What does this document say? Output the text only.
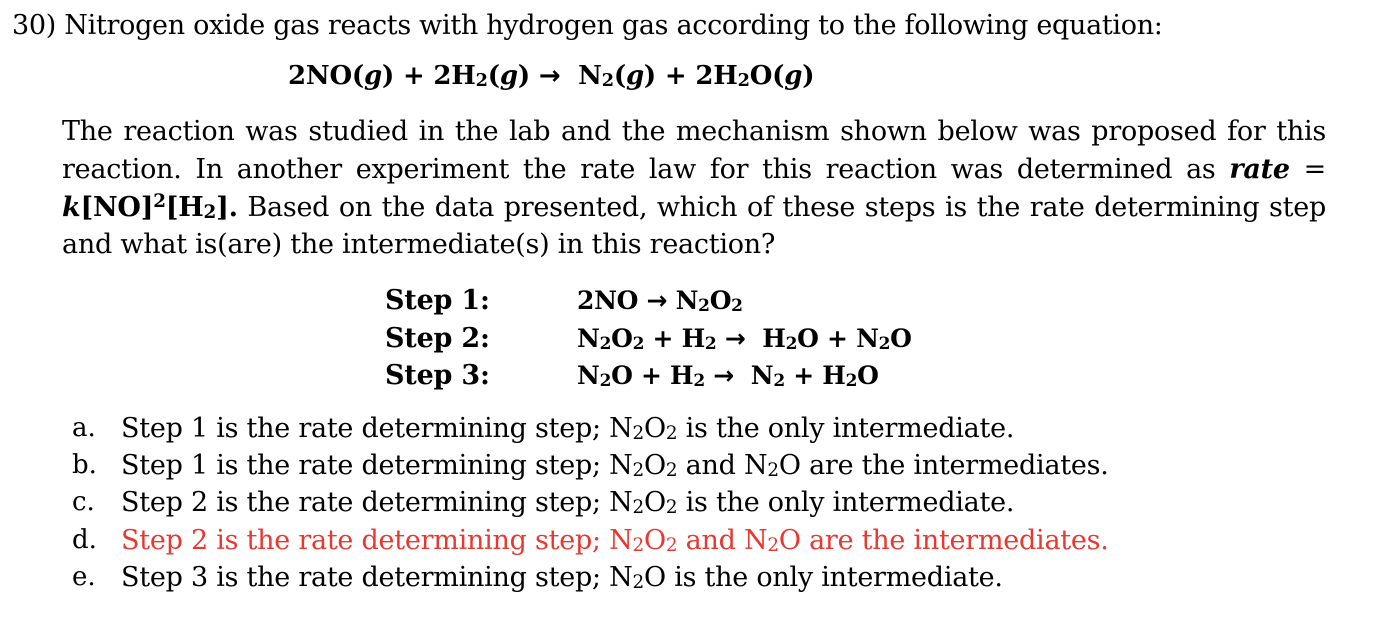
30) Nitrogen oxide gas reacts with hydrogen gas according to the following equation:
$2NO(g) + 2H_2(g) \to N_2(g) + 2H_2O(g)$
The reaction was studied in the lab and the mechanism shown below was proposed for this
reaction. In another experiment the rate law for this reaction was determined as rate =
$k[NO]^2[H_2]$. Based on the data presented, which of these steps is the rate determining step
and what is(are) the intermediate(s) in this reaction?
Step 1:	$2NO \to N_2O_2$
Step 2:	$N_2O_2 + H_2 \to H_2O + N_2O$
Step 3:	$N_2O + H_2 \to N_2 + H_2O$
a. Step 1 is the rate determining step; $N_2O_2$ is the only intermediate.
b. Step 1 is the rate determining step; $N_2O_2$ and $N_2O$ are the intermediates.
c. Step 2 is the rate determining step; $N_2O_2$ is the only intermediate.
d. Step 2 is the rate determining step; $N_2O_2$ and $N_2O$ are the intermediates.
e. Step 3 is the rate determining step; $N_2O$ is the only intermediate.
